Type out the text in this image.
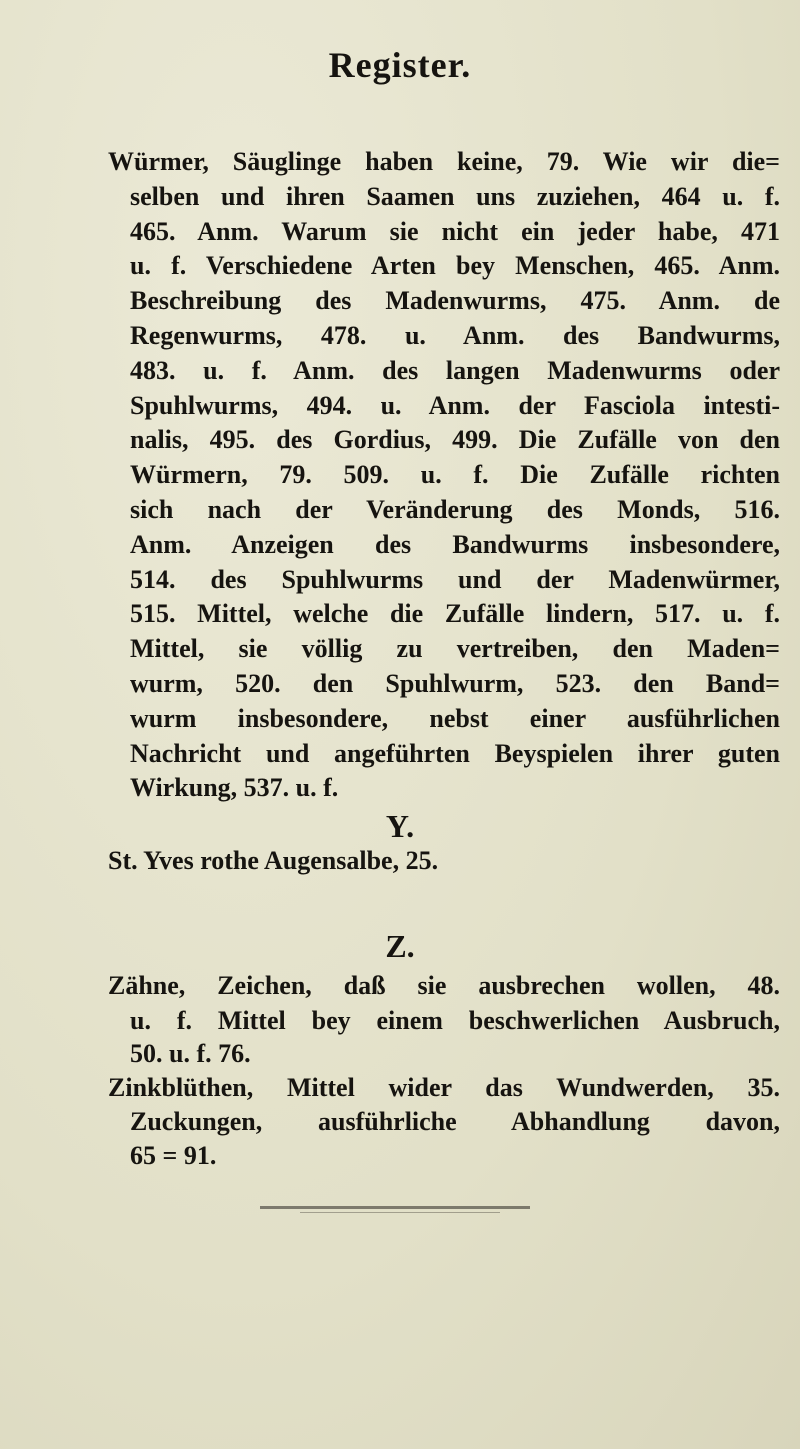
Register.
Würmer, Säuglinge haben keine, 79. Wie wir die=
selben und ihren Saamen uns zuziehen, 464 u. f.
465. Anm. Warum sie nicht ein jeder habe, 471
u. f. Verschiedene Arten bey Menschen, 465. Anm.
Beschreibung des Madenwurms, 475. Anm. de
Regenwurms, 478. u. Anm. des Bandwurms,
483. u. f. Anm. des langen Madenwurms oder
Spuhlwurms, 494. u. Anm. der Fasciola intesti-
nalis, 495. des Gordius, 499. Die Zufälle von den
Würmern, 79. 509. u. f. Die Zufälle richten
sich nach der Veränderung des Monds, 516.
Anm. Anzeigen des Bandwurms insbesondere,
514. des Spuhlwurms und der Madenwürmer,
515. Mittel, welche die Zufälle lindern, 517. u. f.
Mittel, sie völlig zu vertreiben, den Maden=
wurm, 520. den Spuhlwurm, 523. den Band=
wurm insbesondere, nebst einer ausführlichen
Nachricht und angeführten Beyspielen ihrer guten
Wirkung, 537. u. f.
Y.
St. Yves rothe Augensalbe, 25.
Z.
Zähne, Zeichen, daß sie ausbrechen wollen, 48.
u. f. Mittel bey einem beschwerlichen Ausbruch,
50. u. f. 76.
Zinkblüthen, Mittel wider das Wundwerden, 35.
Zuckungen, ausführliche Abhandlung davon,
65 = 91.
